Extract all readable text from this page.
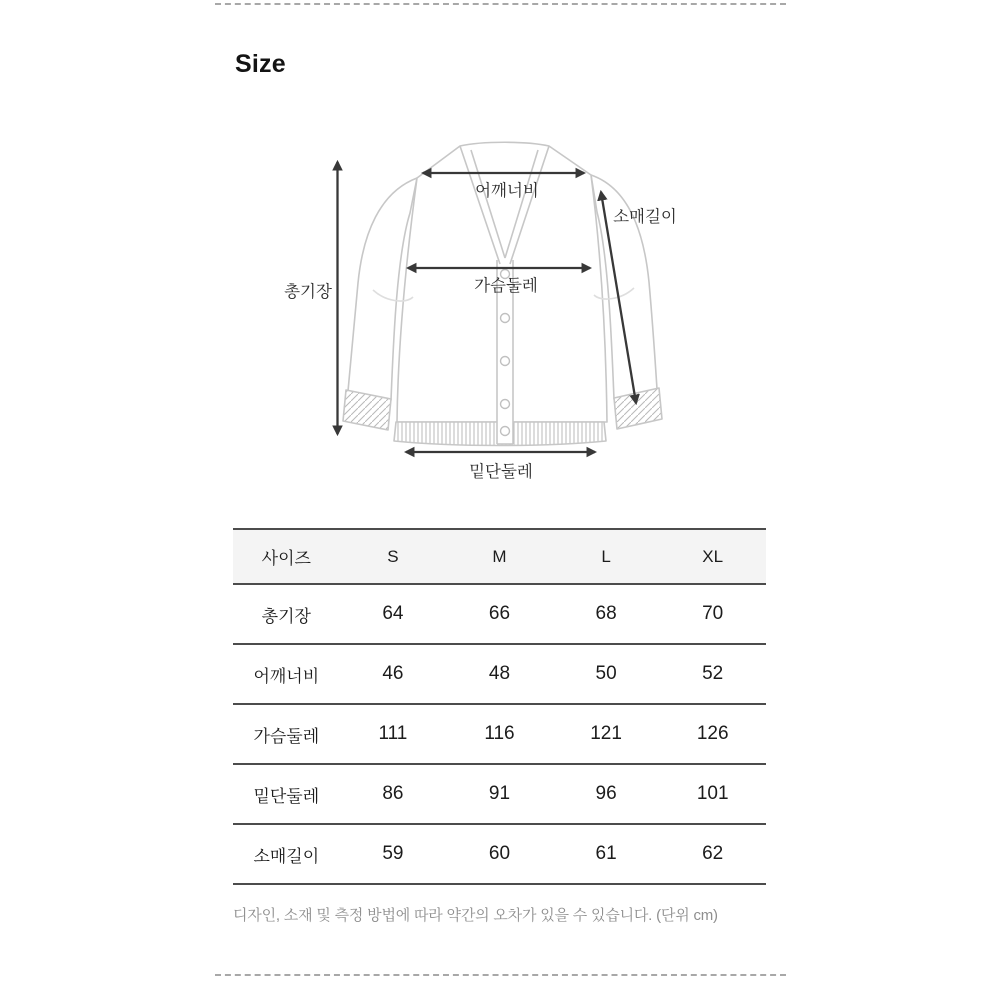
Size
총기장
어깨너비
가슴둘레
밑단둘레
소매길이
사이즈	S	M	L	XL
총기장	64	66	68	70
어깨너비	46	48	50	52
가슴둘레	111	116	121	126
밑단둘레	86	91	96	101
소매길이	59	60	61	62
디자인, 소재 및 측정 방법에 따라 약간의 오차가 있을 수 있습니다. (단위 cm)
